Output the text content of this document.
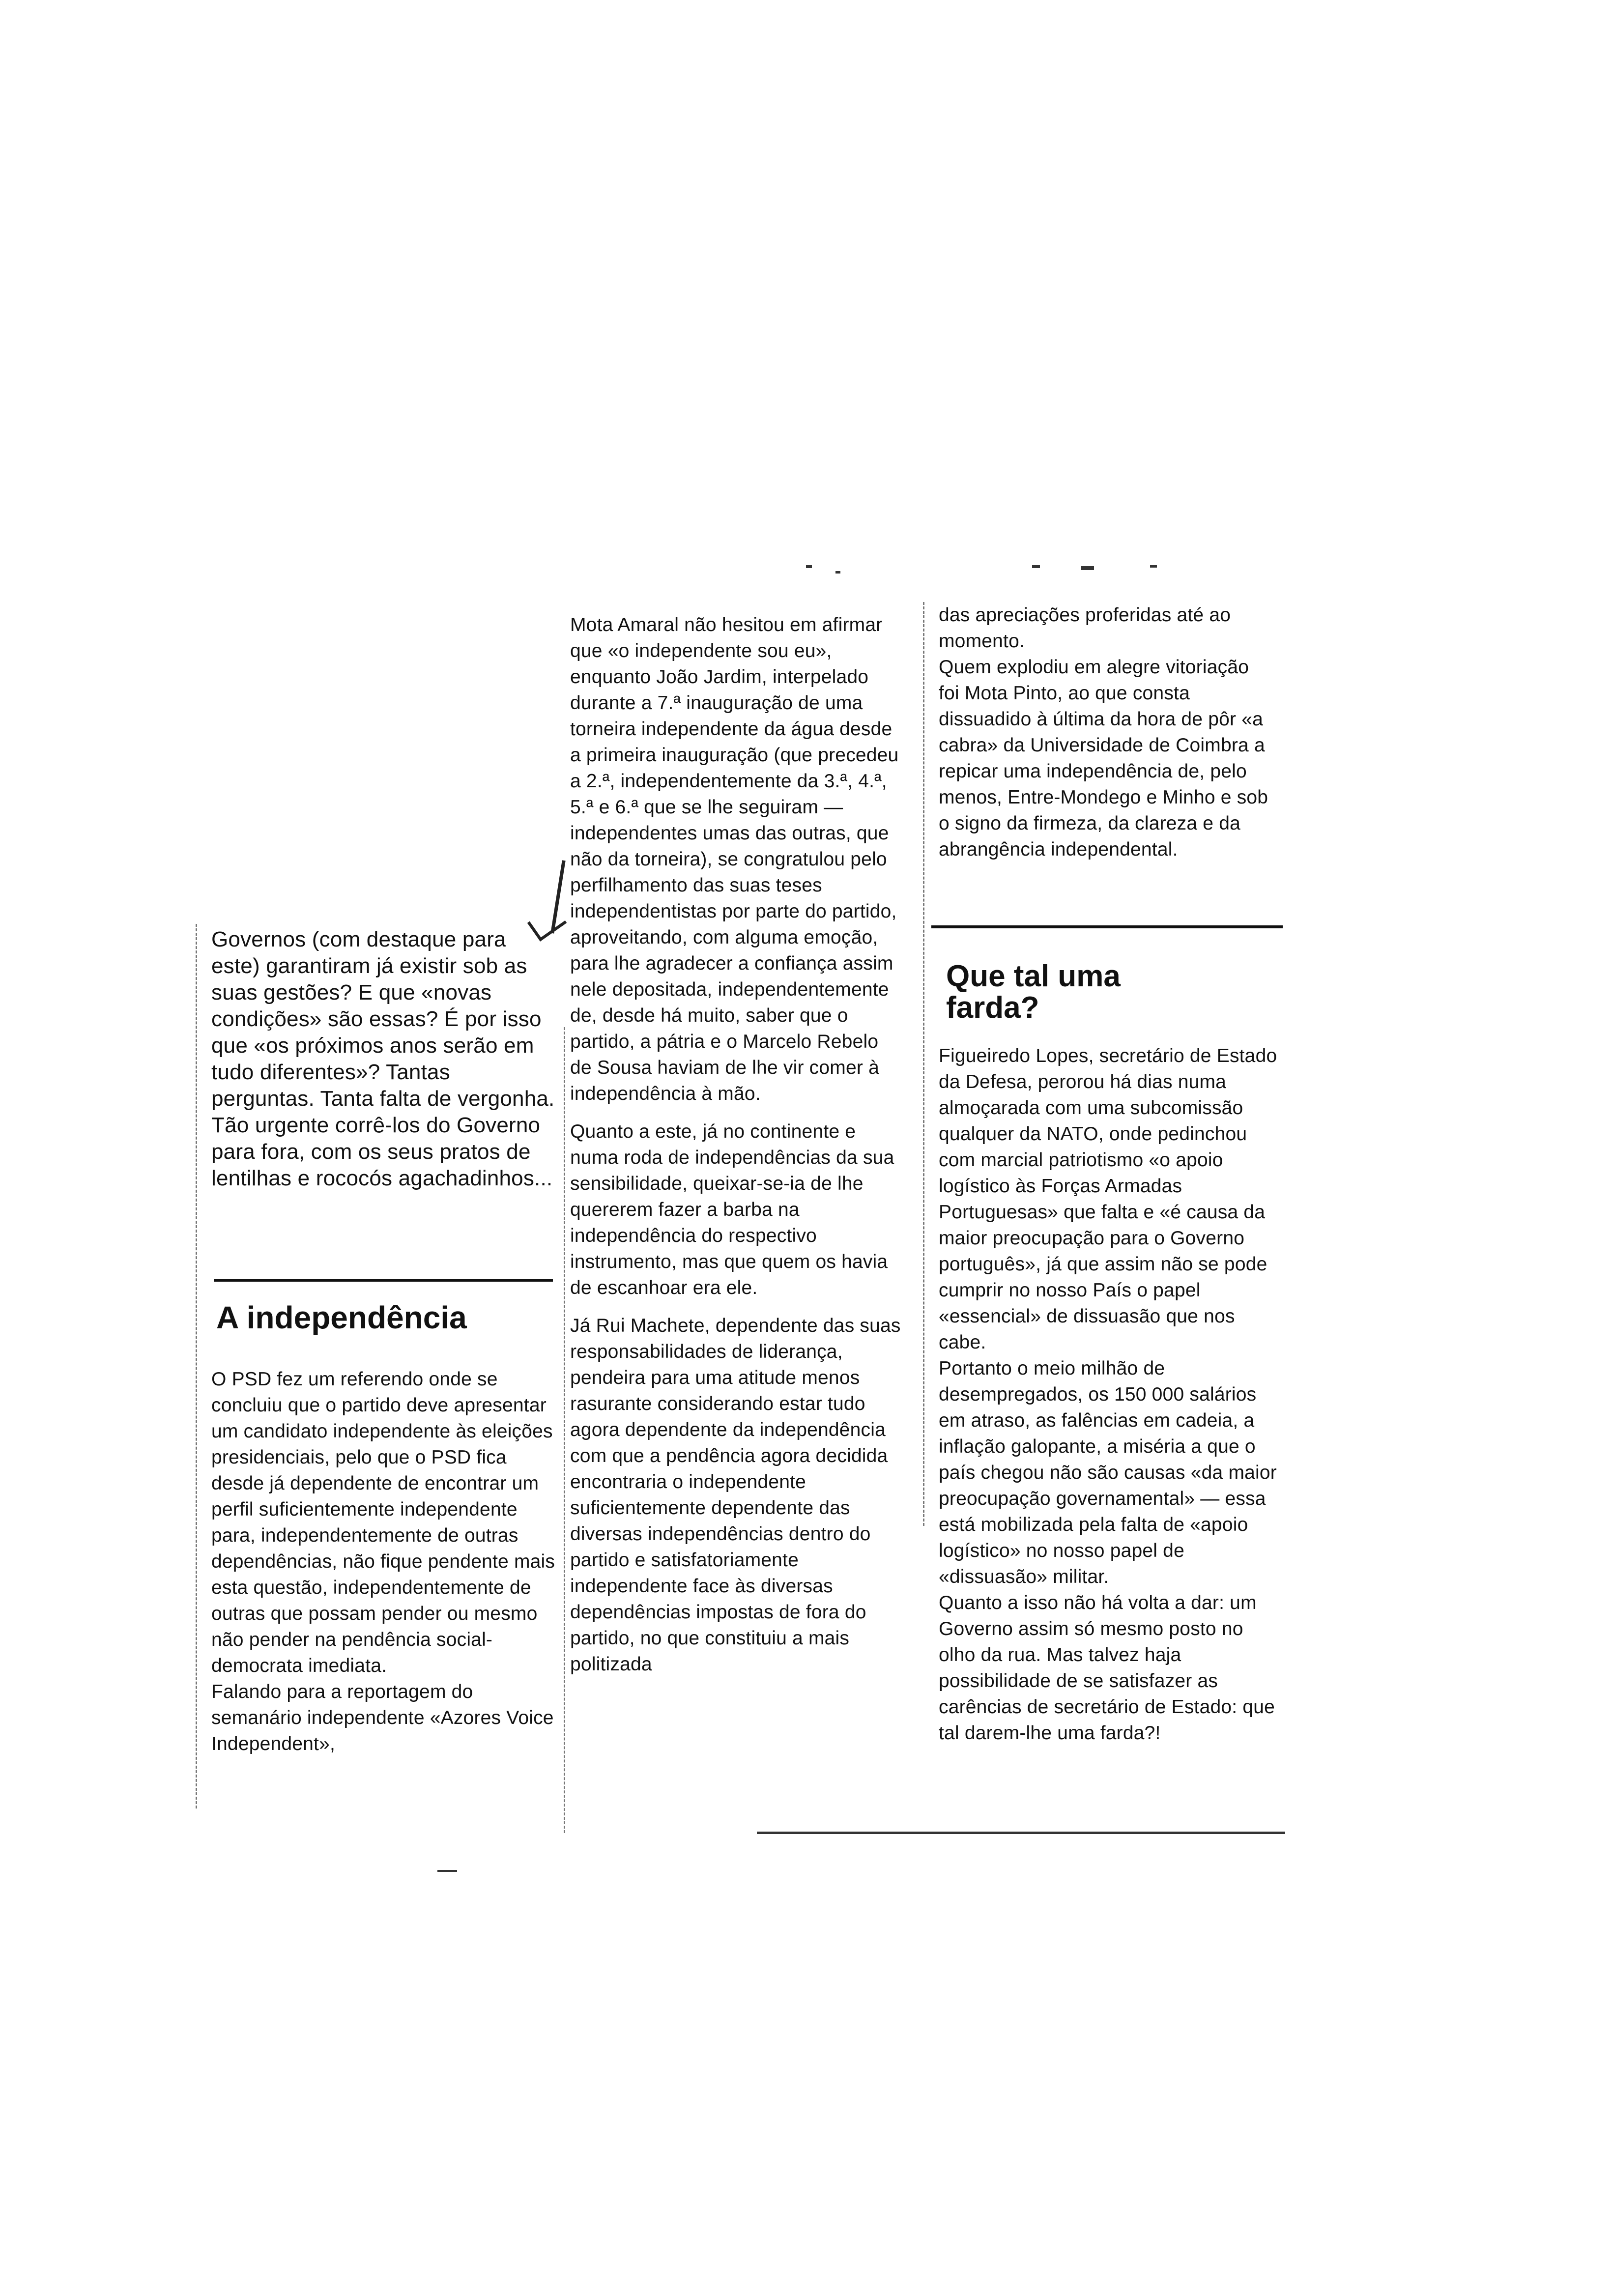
Governos (com destaque para este) garantiram já existir sob as suas gestões? E que «novas condições» são essas? É por isso que «os próximos anos serão em tudo diferentes»? Tantas perguntas. Tanta falta de vergonha. Tão urgente corrê-los do Governo para fora, com os seus pratos de lentilhas e rococós agachadinhos...

A independência

O PSD fez um referendo onde se concluiu que o partido deve apresentar um candidato independente às eleições presidenciais, pelo que o PSD fica desde já dependente de encontrar um perfil suficientemente independente para, independentemente de outras dependências, não fique pendente mais esta questão, independentemente de outras que possam pender ou mesmo não pender na pendência social-democrata imediata.
Falando para a reportagem do semanário independente «Azores Voice Independent»,

Mota Amaral não hesitou em afirmar que «o independente sou eu», enquanto João Jardim, interpelado durante a 7.ª inauguração de uma torneira independente da água desde a primeira inauguração (que precedeu a 2.ª, independentemente da 3.ª, 4.ª, 5.ª e 6.ª que se lhe seguiram — independentes umas das outras, que não da torneira), se congratulou pelo perfilhamento das suas teses independentistas por parte do partido, aproveitando, com alguma emoção, para lhe agradecer a confiança assim nele depositada, independentemente de, desde há muito, saber que o partido, a pátria e o Marcelo Rebelo de Sousa haviam de lhe vir comer à independência à mão.

Quanto a este, já no continente e numa roda de independências da sua sensibilidade, queixar-se-ia de lhe quererem fazer a barba na independência do respectivo instrumento, mas que quem os havia de escanhoar era ele.

Já Rui Machete, dependente das suas responsabilidades de liderança, pendeira para uma atitude menos rasurante considerando estar tudo agora dependente da independência com que a pendência agora decidida encontraria o independente suficientemente dependente das diversas independências dentro do partido e satisfatoriamente independente face às diversas dependências impostas de fora do partido, no que constituiu a mais politizada

das apreciações proferidas até ao momento.
Quem explodiu em alegre vitoriação foi Mota Pinto, ao que consta dissuadido à última da hora de pôr «a cabra» da Universidade de Coimbra a repicar uma independência de, pelo menos, Entre-Mondego e Minho e sob o signo da firmeza, da clareza e da abrangência independental.

Que tal uma farda?

Figueiredo Lopes, secretário de Estado da Defesa, perorou há dias numa almoçarada com uma subcomissão qualquer da NATO, onde pedinchou com marcial patriotismo «o apoio logístico às Forças Armadas Portuguesas» que falta e «é causa da maior preocupação para o Governo português», já que assim não se pode cumprir no nosso País o papel «essencial» de dissuasão que nos cabe.
Portanto o meio milhão de desempregados, os 150 000 salários em atraso, as falências em cadeia, a inflação galopante, a miséria a que o país chegou não são causas «da maior preocupação governamental» — essa está mobilizada pela falta de «apoio logístico» no nosso papel de «dissuasão» militar.
Quanto a isso não há volta a dar: um Governo assim só mesmo posto no olho da rua. Mas talvez haja possibilidade de se satisfazer as carências de secretário de Estado: que tal darem-lhe uma farda?!
